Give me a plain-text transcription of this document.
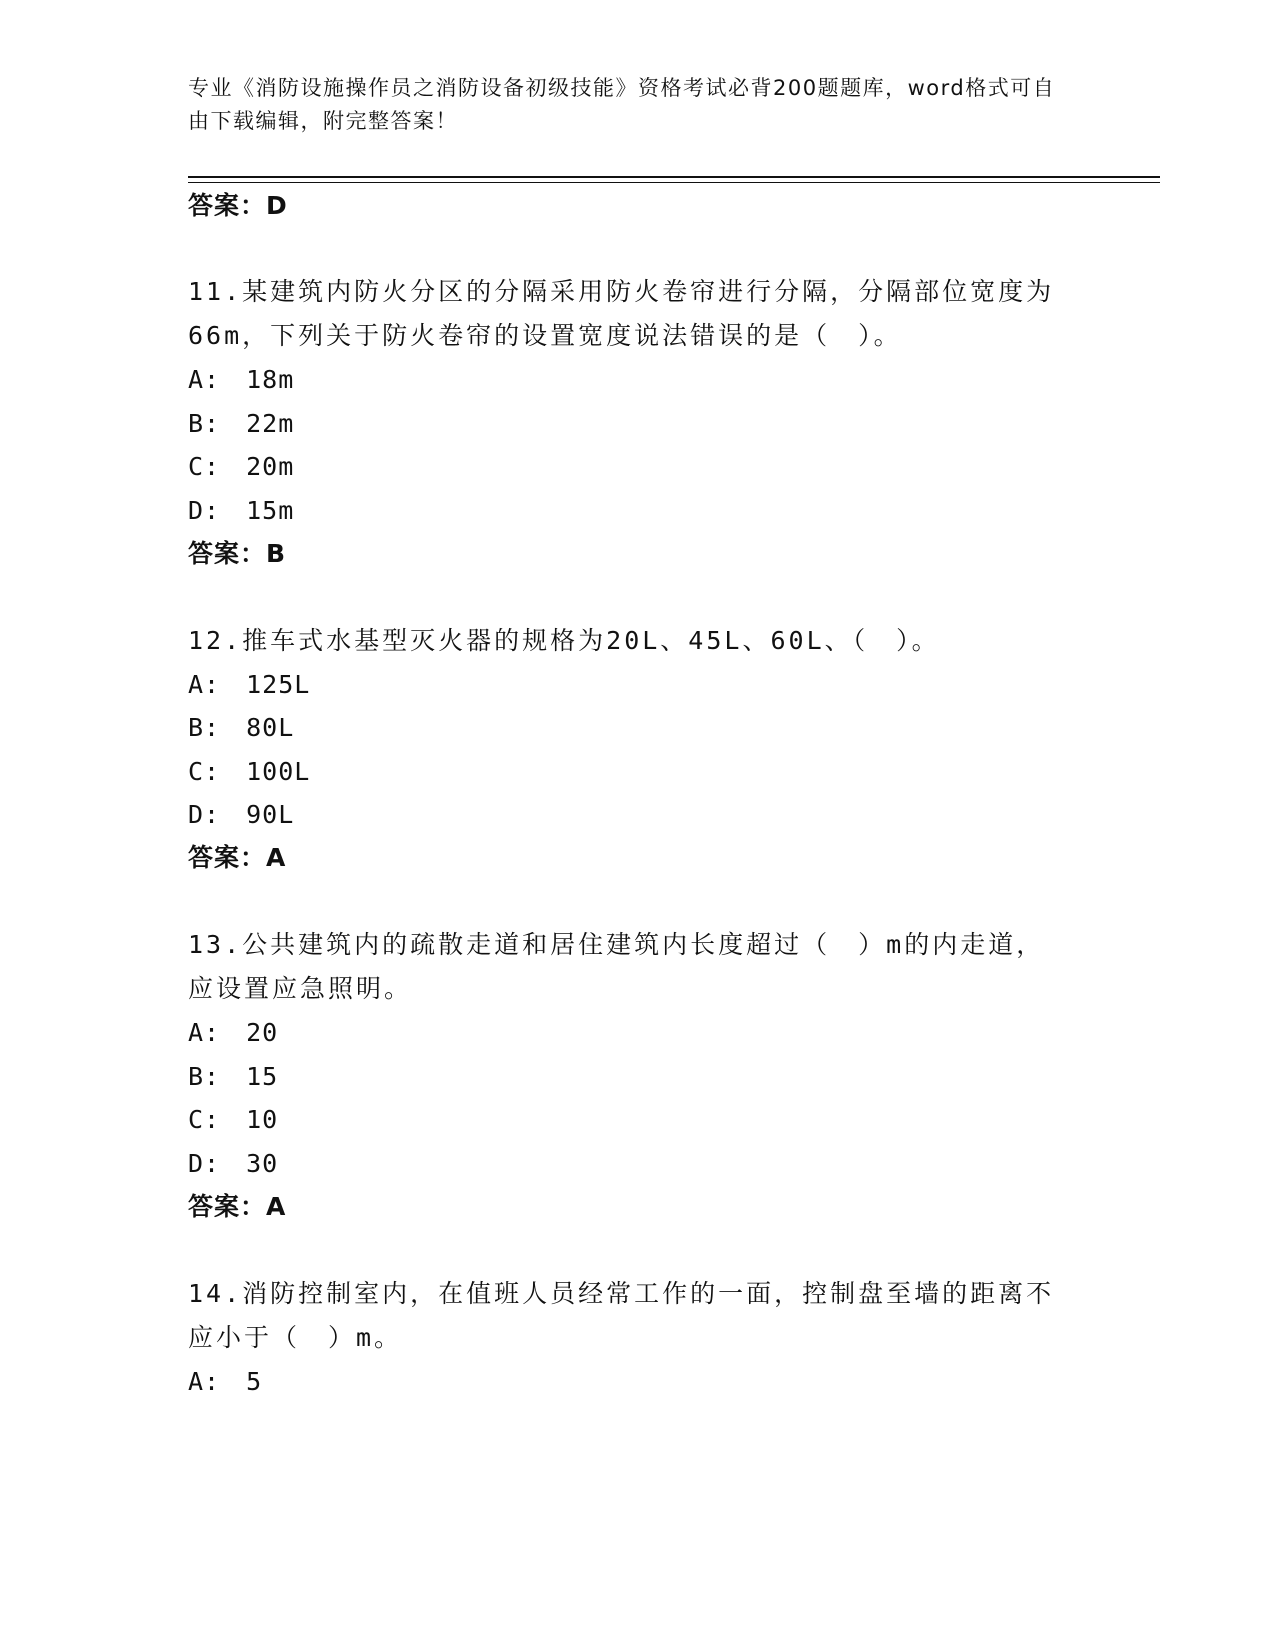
专业《消防设施操作员之消防设备初级技能》资格考试必背200题题库，word格式可自由下载编辑，附完整答案！
答案：D
11.某建筑内防火分区的分隔采用防火卷帘进行分隔，分隔部位宽度为
66m，下列关于防火卷帘的设置宽度说法错误的是（　）。
A:　18m
B:　22m
C:　20m
D:　15m
答案：B
12.推车式水基型灭火器的规格为20L、45L、60L、（　）。
A:　125L
B:　80L
C:　100L
D:　90L
答案：A
13.公共建筑内的疏散走道和居住建筑内长度超过（　）m的内走道，
应设置应急照明。
A:　20
B:　15
C:　10
D:　30
答案：A
14.消防控制室内，在值班人员经常工作的一面，控制盘至墙的距离不
应小于（　）m。
A:　5
